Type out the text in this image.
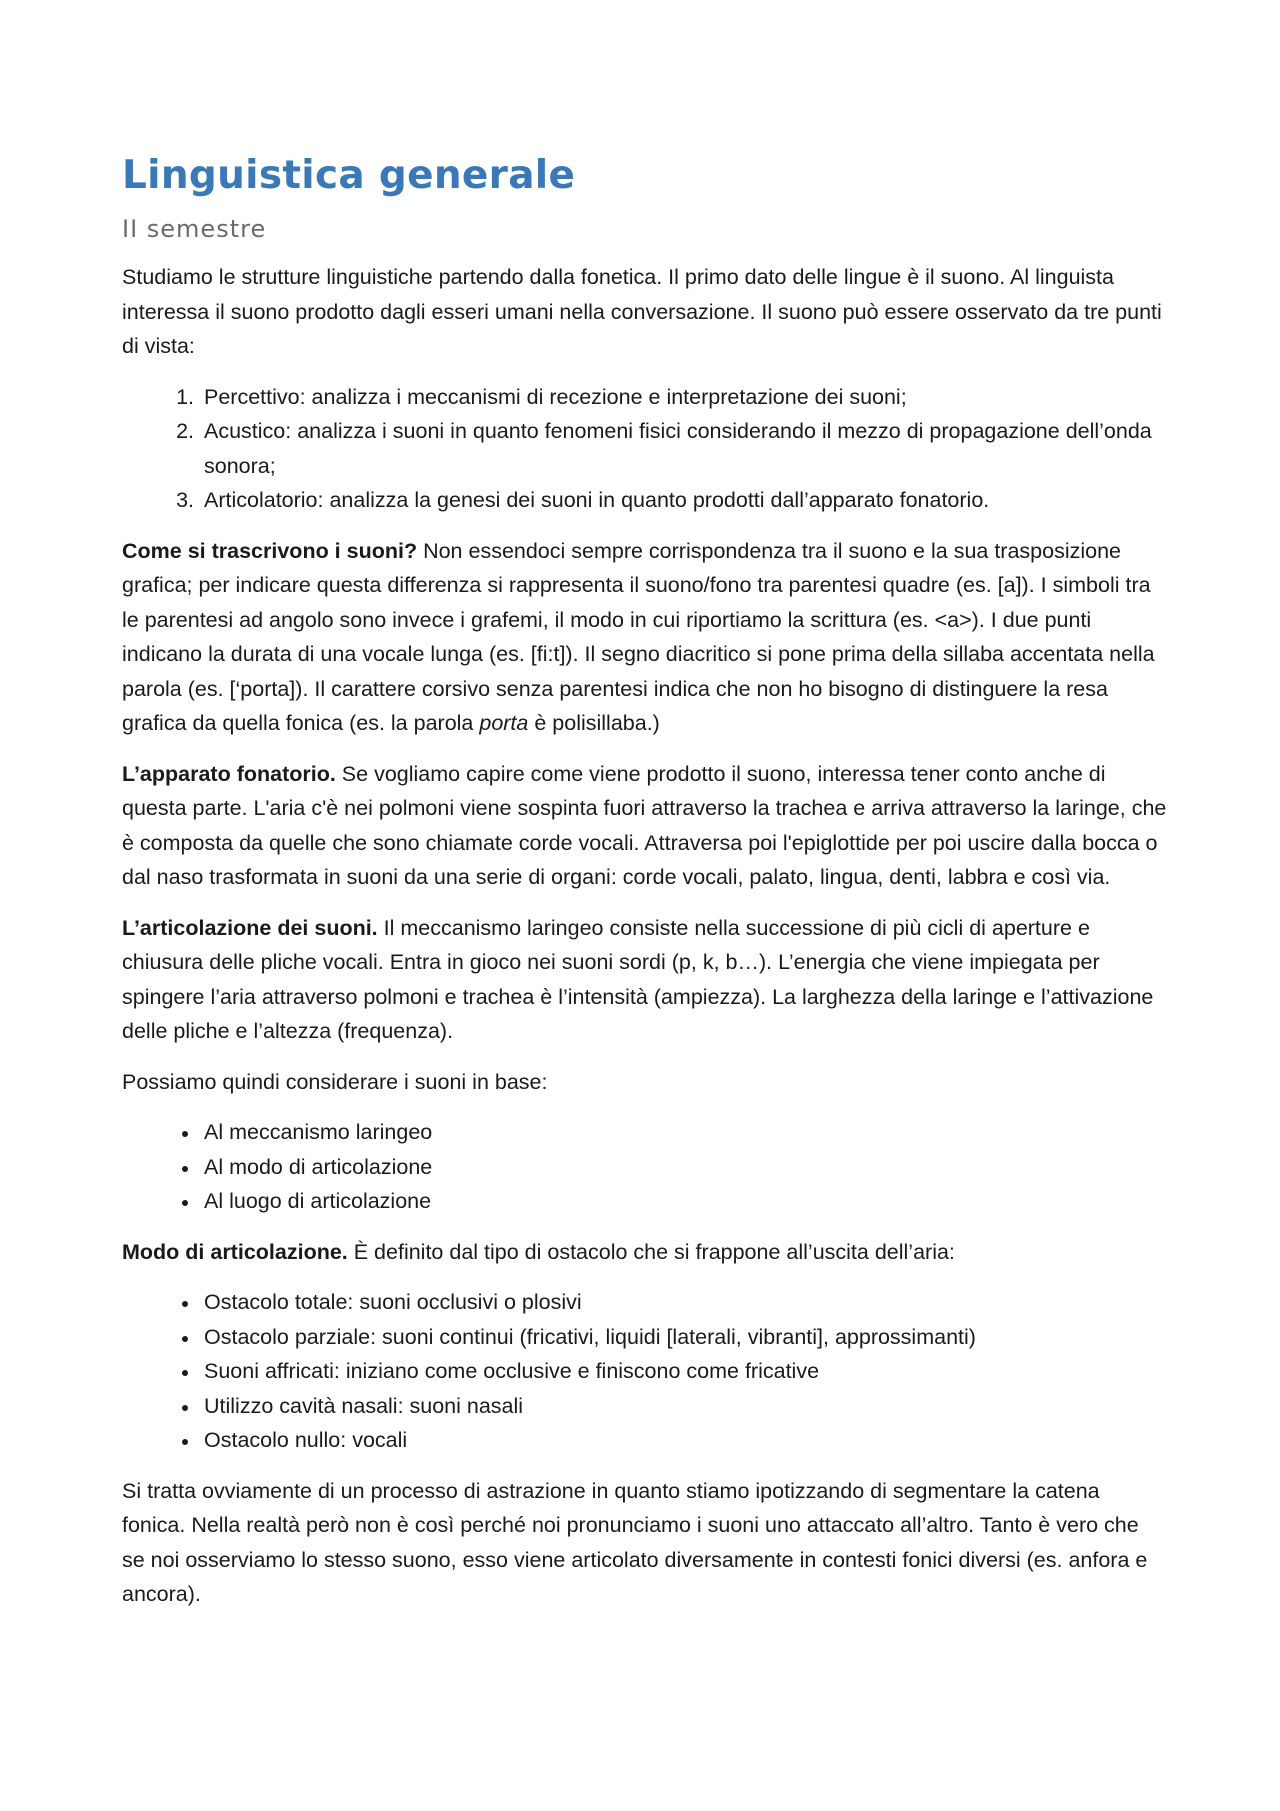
Linguistica generale
II semestre

Studiamo le strutture linguistiche partendo dalla fonetica. Il primo dato delle lingue è il suono. Al linguista interessa il suono prodotto dagli esseri umani nella conversazione. Il suono può essere osservato da tre punti di vista:

1. Percettivo: analizza i meccanismi di recezione e interpretazione dei suoni;
2. Acustico: analizza i suoni in quanto fenomeni fisici considerando il mezzo di propagazione dell’onda sonora;
3. Articolatorio: analizza la genesi dei suoni in quanto prodotti dall’apparato fonatorio.

Come si trascrivono i suoni? Non essendoci sempre corrispondenza tra il suono e la sua trasposizione grafica; per indicare questa differenza si rappresenta il suono/fono tra parentesi quadre (es. [a]). I simboli tra le parentesi ad angolo sono invece i grafemi, il modo in cui riportiamo la scrittura (es. <a>). I due punti indicano la durata di una vocale lunga (es. [fi:t]). Il segno diacritico si pone prima della sillaba accentata nella parola (es. [‘porta]). Il carattere corsivo senza parentesi indica che non ho bisogno di distinguere la resa grafica da quella fonica (es. la parola porta è polisillaba.)

L’apparato fonatorio. Se vogliamo capire come viene prodotto il suono, interessa tener conto anche di questa parte. L'aria c'è nei polmoni viene sospinta fuori attraverso la trachea e arriva attraverso la laringe, che è composta da quelle che sono chiamate corde vocali. Attraversa poi l'epiglottide per poi uscire dalla bocca o dal naso trasformata in suoni da una serie di organi: corde vocali, palato, lingua, denti, labbra e così via.

L’articolazione dei suoni. Il meccanismo laringeo consiste nella successione di più cicli di aperture e chiusura delle pliche vocali. Entra in gioco nei suoni sordi (p, k, b…). L’energia che viene impiegata per spingere l’aria attraverso polmoni e trachea è l’intensità (ampiezza). La larghezza della laringe e l’attivazione delle pliche e l’altezza (frequenza).

Possiamo quindi considerare i suoni in base:

• Al meccanismo laringeo
• Al modo di articolazione
• Al luogo di articolazione

Modo di articolazione. È definito dal tipo di ostacolo che si frappone all’uscita dell’aria:

• Ostacolo totale: suoni occlusivi o plosivi
• Ostacolo parziale: suoni continui (fricativi, liquidi [laterali, vibranti], approssimanti)
• Suoni affricati: iniziano come occlusive e finiscono come fricative
• Utilizzo cavità nasali: suoni nasali
• Ostacolo nullo: vocali

Si tratta ovviamente di un processo di astrazione in quanto stiamo ipotizzando di segmentare la catena fonica. Nella realtà però non è così perché noi pronunciamo i suoni uno attaccato all’altro. Tanto è vero che se noi osserviamo lo stesso suono, esso viene articolato diversamente in contesti fonici diversi (es. anfora e ancora).
